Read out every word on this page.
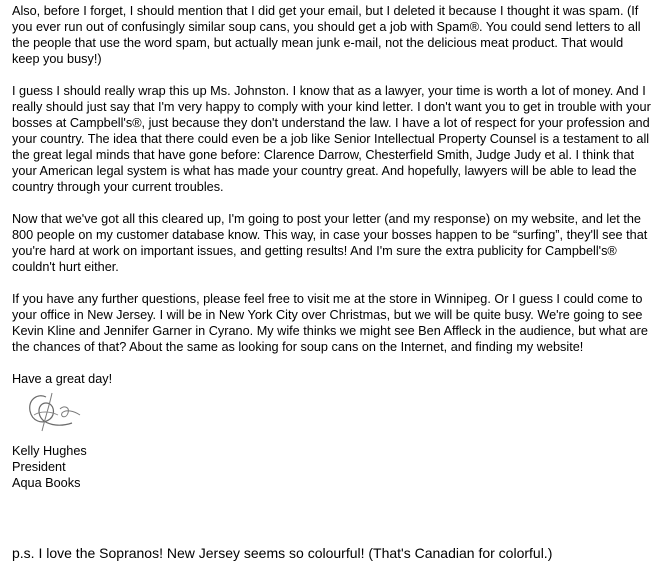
Also, before I forget, I should mention that I did get your email, but I deleted it because I thought it was spam. (If you ever run out of confusingly similar soup cans, you should get a job with Spam®. You could send letters to all the people that use the word spam, but actually mean junk e-mail, not the delicious meat product. That would keep you busy!)

I guess I should really wrap this up Ms. Johnston. I know that as a lawyer, your time is worth a lot of money. And I really should just say that I'm very happy to comply with your kind letter. I don't want you to get in trouble with your bosses at Campbell's®, just because they don't understand the law. I have a lot of respect for your profession and your country. The idea that there could even be a job like Senior Intellectual Property Counsel is a testament to all the great legal minds that have gone before: Clarence Darrow, Chesterfield Smith, Judge Judy et al. I think that your American legal system is what has made your country great. And hopefully, lawyers will be able to lead the country through your current troubles.

Now that we've got all this cleared up, I'm going to post your letter (and my response) on my website, and let the 800 people on my customer database know. This way, in case your bosses happen to be “surfing”, they'll see that you're hard at work on important issues, and getting results! And I'm sure the extra publicity for Campbell's® couldn't hurt either.

If you have any further questions, please feel free to visit me at the store in Winnipeg. Or I guess I could come to your office in New Jersey. I will be in New York City over Christmas, but we will be quite busy. We're going to see Kevin Kline and Jennifer Garner in Cyrano. My wife thinks we might see Ben Affleck in the audience, but what are the chances of that? About the same as looking for soup cans on the Internet, and finding my website!

Have a great day!

Kelly Hughes
President
Aqua Books
p.s. I love the Sopranos! New Jersey seems so colourful! (That's Canadian for colorful.)
